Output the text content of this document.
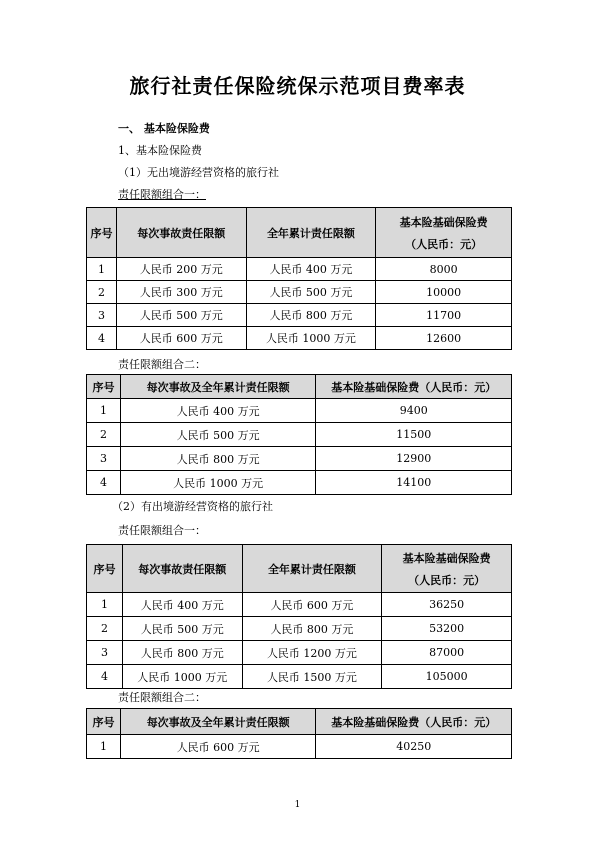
旅行社责任保险统保示范项目费率表
一、 基本险保险费
1、基本险保险费
（1）无出境游经营资格的旅行社
责任限额组合一：
序号	每次事故责任限额	全年累计责任限额	基本险基础保险费
（人民币：元）

1	人民币 200 万元	人民币 400 万元	8000
2	人民币 300 万元	人民币 500 万元	10000
3	人民币 500 万元	人民币 800 万元	11700
4	人民币 600 万元	人民币 1000 万元	12600
责任限额组合二：
序号	每次事故及全年累计责任限额	基本险基础保险费（人民币：元）
1	人民币 400 万元	9400
2	人民币 500 万元	11500
3	人民币 800 万元	12900
4	人民币 1000 万元	14100
（2）有出境游经营资格的旅行社
责任限额组合一：
序号	每次事故责任限额	全年累计责任限额	基本险基础保险费
（人民币：元）

1	人民币 400 万元	人民币 600 万元	36250
2	人民币 500 万元	人民币 800 万元	53200
3	人民币 800 万元	人民币 1200 万元	87000
4	人民币 1000 万元	人民币 1500 万元	105000
责任限额组合二：
序号	每次事故及全年累计责任限额	基本险基础保险费（人民币：元）
1	人民币 600 万元	40250
1
